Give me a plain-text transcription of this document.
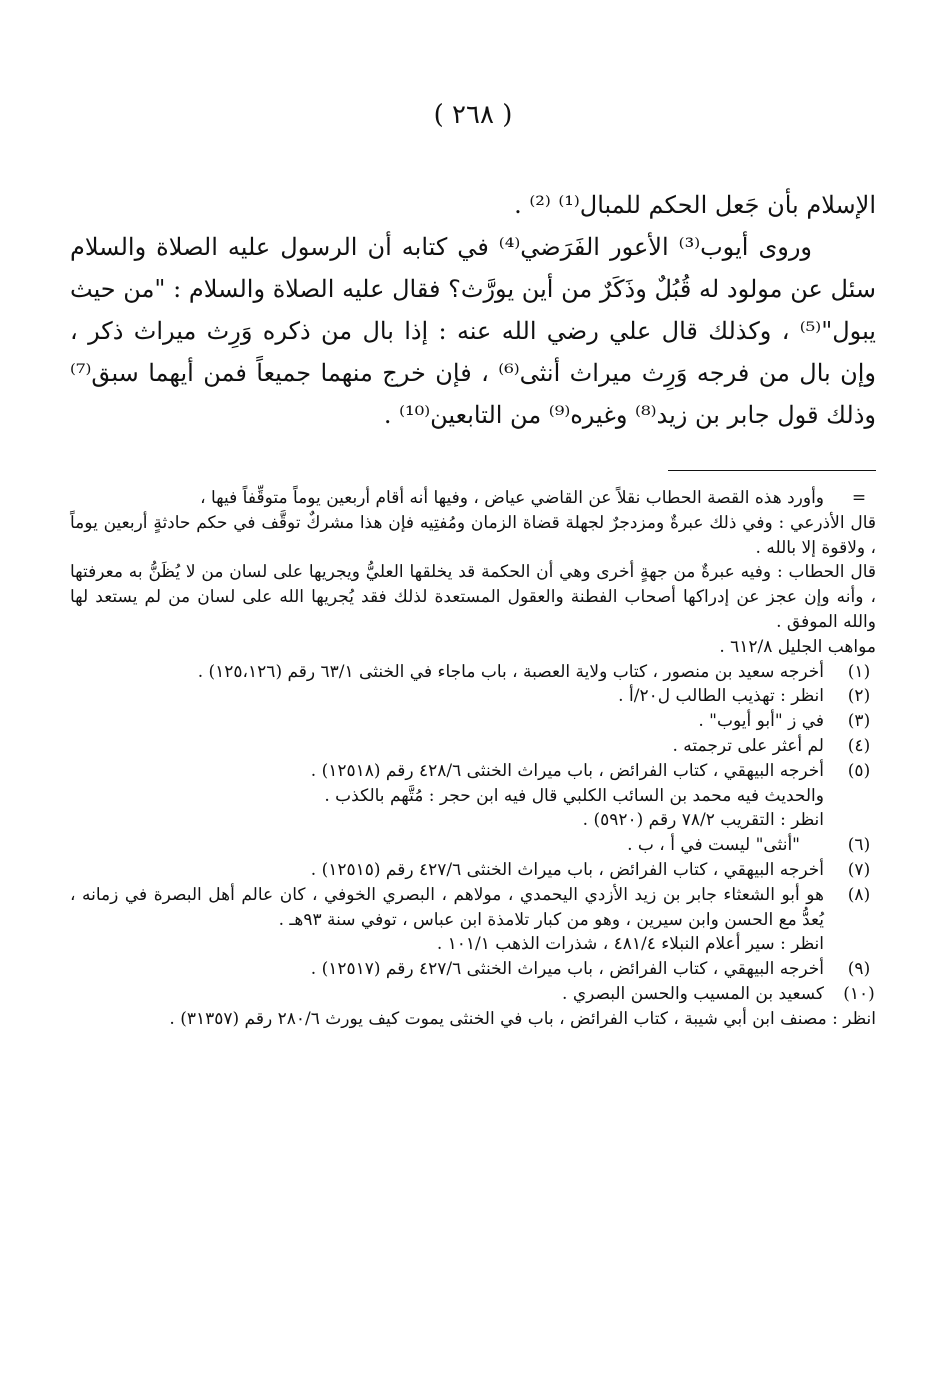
( ٢٦٨ )

الإسلام بأن جَعل الحكم للمبال⁽¹⁾ ⁽²⁾ .

وروى أيوب⁽³⁾ الأعور الفَرَضي⁽⁴⁾ في كتابه أن الرسول عليه الصلاة والسلام سئل عن مولود له قُبُلٌ وذَكَرٌ من أين يورَّث؟ فقال عليه الصلاة والسلام : "من حيث يبول"⁽⁵⁾ ، وكذلك قال علي رضي الله عنه : إذا بال من ذكره وَرِث ميراث ذكر ، وإن بال من فرجه وَرِث ميراث أنثى⁽⁶⁾ ، فإن خرج منهما جميعاً فمن أيهما سبق⁽⁷⁾ وذلك قول جابر بن زيد⁽⁸⁾ وغيره⁽⁹⁾ من التابعين⁽¹⁰⁾ .

=

وأورد هذه القصة الحطاب نقلاً عن القاضي عياض ، وفيها أنه أقام أربعين يوماً متوقِّفاً فيها ،

قال الأذرعي : وفي ذلك عبرةٌ ومزدجرٌ لجهلة قضاة الزمان ومُفتِيه فإن هذا مشركٌ توقَّف في حكم حادثةٍ أربعين يوماً ، ولاقوة إلا بالله .

قال الحطاب : وفيه عبرةٌ من جهةٍ أخرى وهي أن الحكمة قد يخلقها العليُّ ويجريها على لسان من لا يُظَنُّ به معرفتها ، وأنه وإن عجز عن إدراكها أصحاب الفطنة والعقول المستعدة لذلك فقد يُجريها الله على لسان من لم يستعد لها والله الموفق .

مواهب الجليل ٦١٢/٨ .

(١)

أخرجه سعيد بن منصور ، كتاب ولاية العصبة ، باب ماجاء في الخنثى ٦٣/١ رقم (١٢٥،١٢٦) .

(٢)

انظر : تهذيب الطالب ل٢٠/أ .

(٣)

في ز "أبو أيوب" .

(٤)

لم أعثر على ترجمته .

(٥)

أخرجه البيهقي ، كتاب الفرائض ، باب ميراث الخنثى ٤٢٨/٦ رقم (١٢٥١٨) .

والحديث فيه محمد بن السائب الكلبي قال فيه ابن حجر : مُتَّهم بالكذب .

انظر : التقريب ٧٨/٢ رقم (٥٩٢٠) .

(٦)

"أنثى" ليست في أ ، ب .

(٧)

أخرجه البيهقي ، كتاب الفرائض ، باب ميراث الخنثى ٤٢٧/٦ رقم (١٢٥١٥) .

(٨)

هو أبو الشعثاء جابر بن زيد الأزدي اليحمدي ، مولاهم ، البصري الخوفي ، كان عالم أهل البصرة في زمانه ، يُعدُّ مع الحسن وابن سيرين ، وهو من كبار تلامذة ابن عباس ، توفي سنة ٩٣هـ .

انظر : سير أعلام النبلاء ٤٨١/٤ ، شذرات الذهب ١٠١/١ .

(٩)

أخرجه البيهقي ، كتاب الفرائض ، باب ميراث الخنثى ٤٢٧/٦ رقم (١٢٥١٧) .

(١٠)

كسعيد بن المسيب والحسن البصري .

انظر : مصنف ابن أبي شيبة ، كتاب الفرائض ، باب في الخنثى يموت كيف يورث ٢٨٠/٦ رقم (٣١٣٥٧) .
